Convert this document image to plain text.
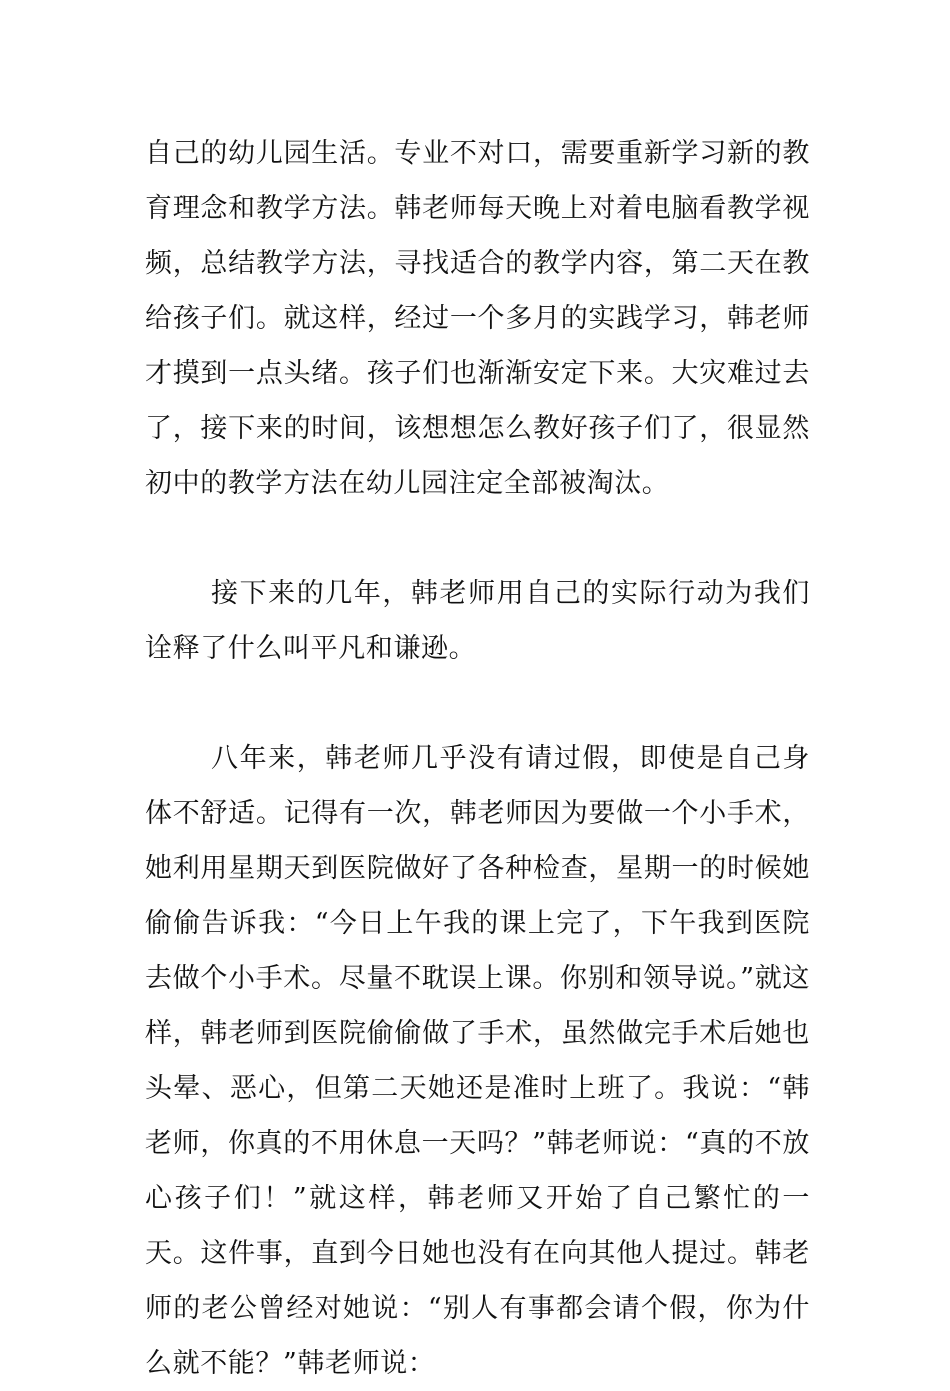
自己的幼儿园生活。专业不对口，需要重新学习新的教育理念和教学方法。韩老师每天晚上对着电脑看教学视频，总结教学方法，寻找适合的教学内容，第二天在教给孩子们。就这样，经过一个多月的实践学习，韩老师才摸到一点头绪。孩子们也渐渐安定下来。大灾难过去了，接下来的时间，该想想怎么教好孩子们了，很显然初中的教学方法在幼儿园注定全部被淘汰。

接下来的几年，韩老师用自己的实际行动为我们诠释了什么叫平凡和谦逊。

八年来，韩老师几乎没有请过假，即使是自己身体不舒适。记得有一次，韩老师因为要做一个小手术，她利用星期天到医院做好了各种检查，星期一的时候她偷偷告诉我：“今日上午我的课上完了，下午我到医院去做个小手术。尽量不耽误上课。你别和领导说。”就这样，韩老师到医院偷偷做了手术，虽然做完手术后她也头晕、恶心，但第二天她还是准时上班了。我说：“韩老师，你真的不用休息一天吗？”韩老师说：“真的不放心孩子们！”就这样，韩老师又开始了自己繁忙的一天。这件事，直到今日她也没有在向其他人提过。韩老师的老公曾经对她说：“别人有事都会请个假，你为什么就不能？”韩老师说：
